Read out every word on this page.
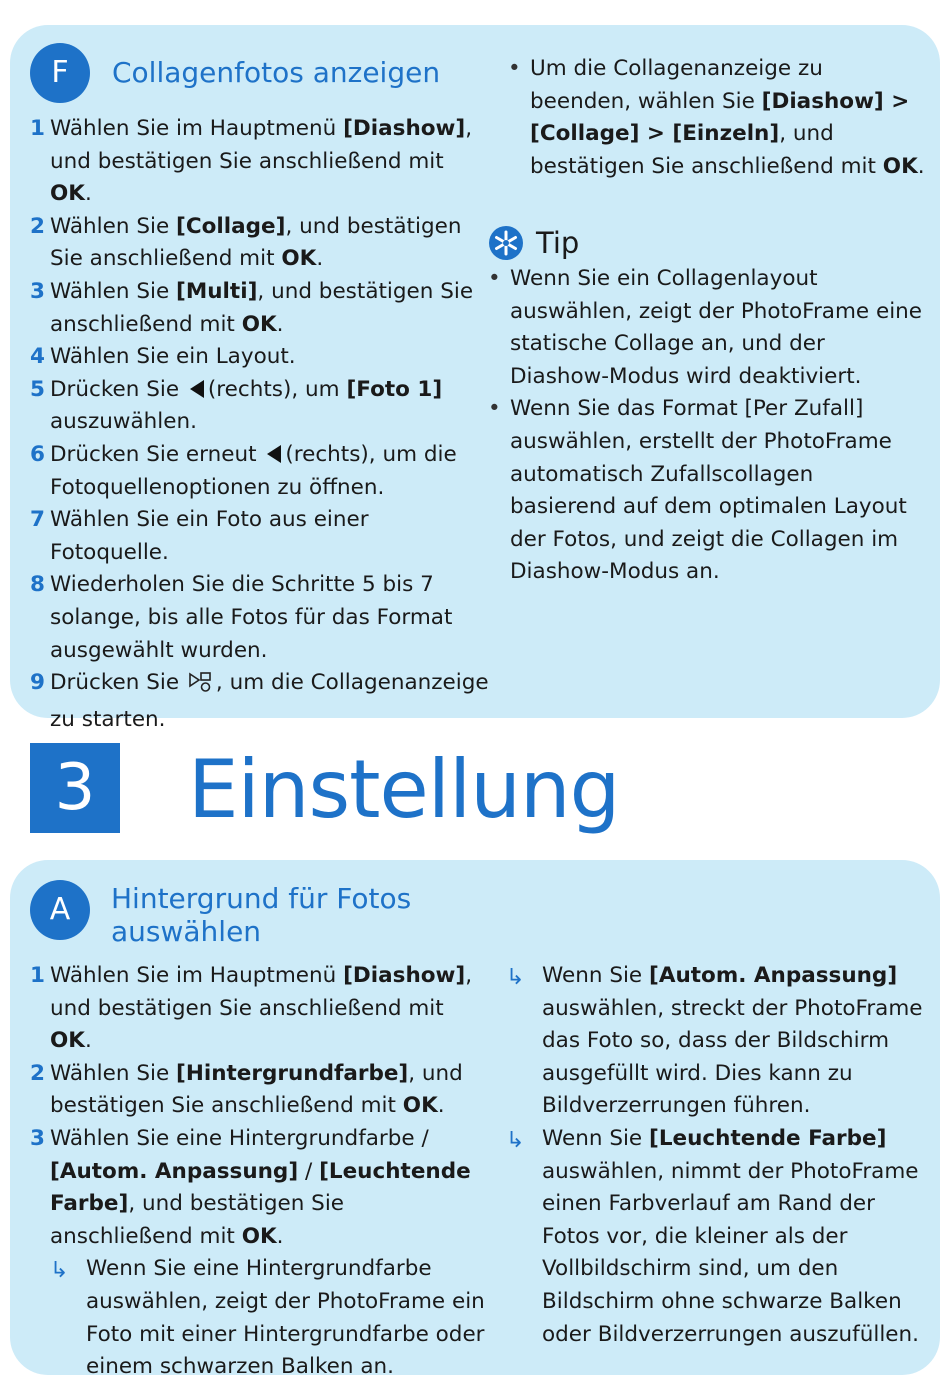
F	Collagenfotos anzeigen
1 Wählen Sie im Hauptmenü [Diashow], und bestätigen Sie anschließend mit OK.
2 Wählen Sie [Collage], und bestätigen Sie anschließend mit OK.
3 Wählen Sie [Multi], und bestätigen Sie anschließend mit OK.
4 Wählen Sie ein Layout.
5 Drücken Sie (rechts), um [Foto 1] auszuwählen.
6 Drücken Sie erneut (rechts), um die Fotoquellenoptionen zu öffnen.
7 Wählen Sie ein Foto aus einer Fotoquelle.
8 Wiederholen Sie die Schritte 5 bis 7 solange, bis alle Fotos für das Format ausgewählt wurden.
9 Drücken Sie , um die Collagenanzeige zu starten.
• Um die Collagenanzeige zu beenden, wählen Sie [Diashow] > [Collage] > [Einzeln], und bestätigen Sie anschließend mit OK.
Tip
• Wenn Sie ein Collagenlayout auswählen, zeigt der PhotoFrame eine statische Collage an, und der Diashow-Modus wird deaktiviert.
• Wenn Sie das Format [Per Zufall] auswählen, erstellt der PhotoFrame automatisch Zufallscollagen basierend auf dem optimalen Layout der Fotos, und zeigt die Collagen im Diashow-Modus an.
3	Einstellung
A	Hintergrund für Fotos
auswählen
1 Wählen Sie im Hauptmenü [Diashow], und bestätigen Sie anschließend mit OK.
2 Wählen Sie [Hintergrundfarbe], und bestätigen Sie anschließend mit OK.
3 Wählen Sie eine Hintergrundfarbe / [Autom. Anpassung] / [Leuchtende Farbe], und bestätigen Sie anschließend mit OK.
↳ Wenn Sie eine Hintergrundfarbe auswählen, zeigt der PhotoFrame ein Foto mit einer Hintergrundfarbe oder einem schwarzen Balken an.
↳ Wenn Sie [Autom. Anpassung] auswählen, streckt der PhotoFrame das Foto so, dass der Bildschirm ausgefüllt wird. Dies kann zu Bildverzerrungen führen.
↳ Wenn Sie [Leuchtende Farbe] auswählen, nimmt der PhotoFrame einen Farbverlauf am Rand der Fotos vor, die kleiner als der Vollbildschirm sind, um den Bildschirm ohne schwarze Balken oder Bildverzerrungen auszufüllen.
